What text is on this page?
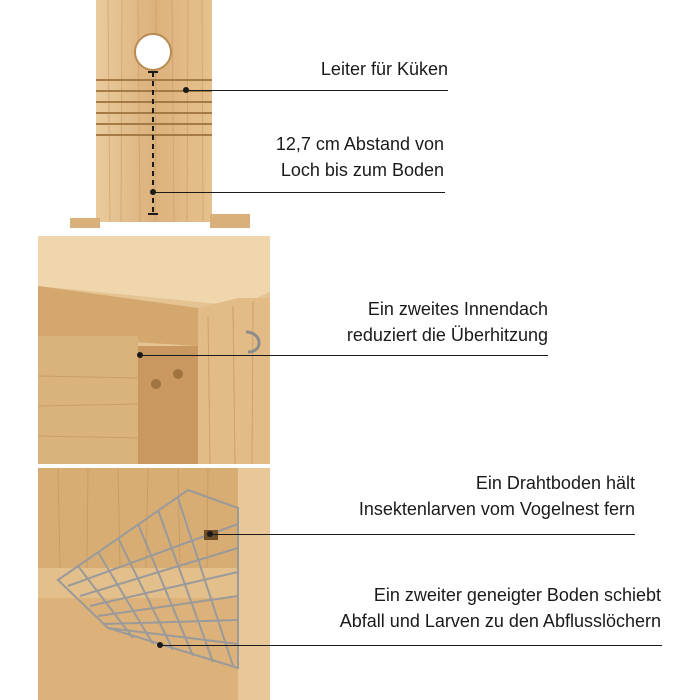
Leiter für Küken
12,7 cm Abstand von
Loch bis zum Boden
Ein zweites Innendach
reduziert die Überhitzung
Ein Drahtboden hält
Insektenlarven vom Vogelnest fern
Ein zweiter geneigter Boden schiebt
Abfall und Larven zu den Abflusslöchern
